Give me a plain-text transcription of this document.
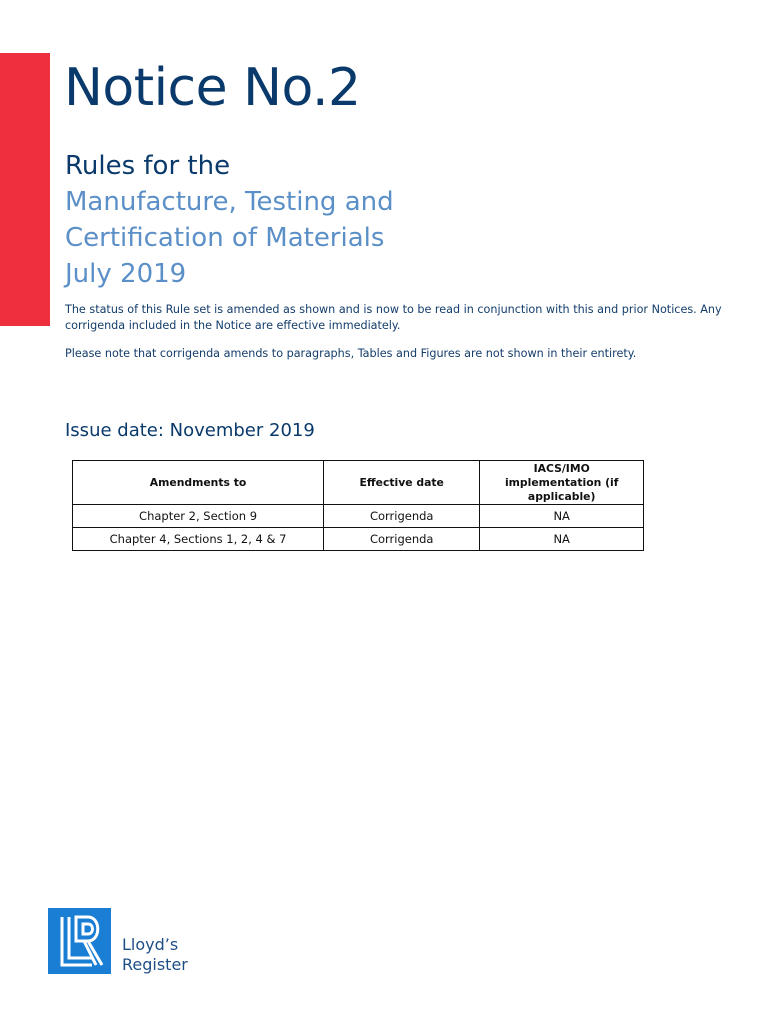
Notice No.2
Rules for the
Manufacture, Testing and
Certification of Materials
July 2019

The status of this Rule set is amended as shown and is now to be read in conjunction with this and prior Notices. Any corrigenda included in the Notice are effective immediately.

Please note that corrigenda amends to paragraphs, Tables and Figures are not shown in their entirety.

Issue date: November 2019

Amendments to	Effective date	IACS/IMO implementation (if applicable)
Chapter 2, Section 9	Corrigenda	NA
Chapter 4, Sections 1, 2, 4 & 7	Corrigenda	NA
Lloyd’s
Register
